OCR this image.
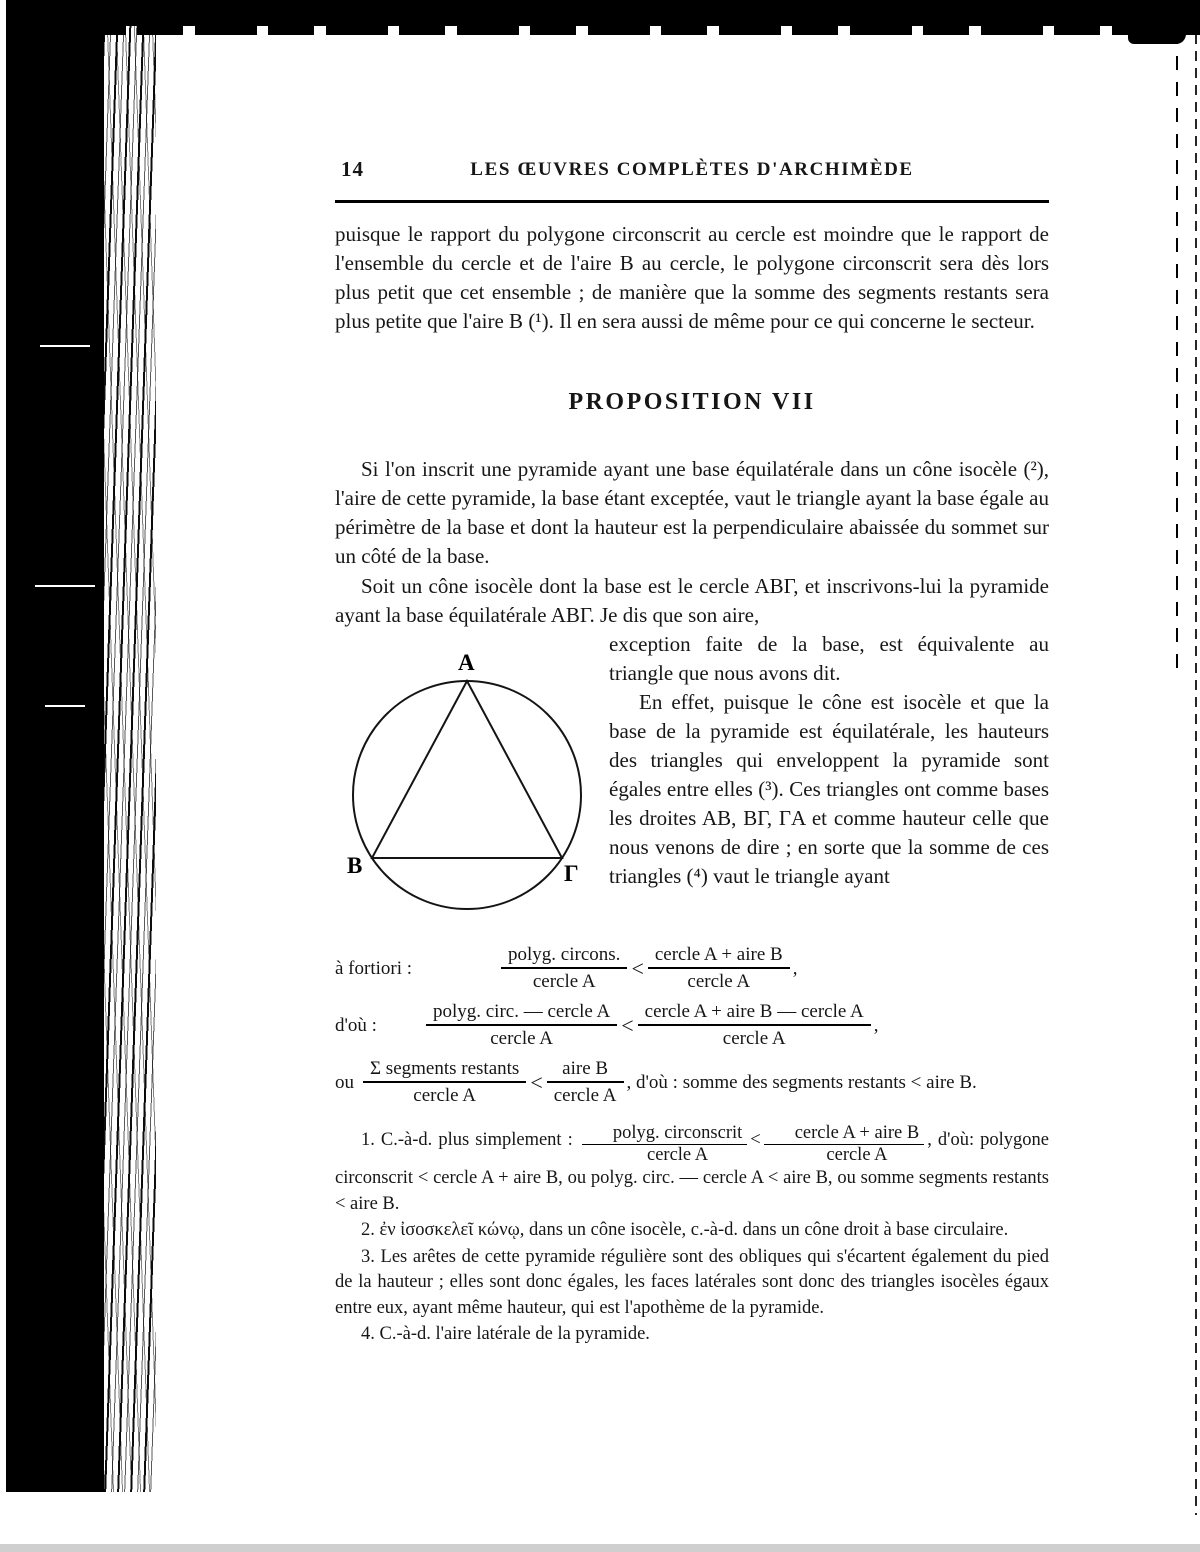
14	LES ŒUVRES COMPLÈTES D'ARCHIMÈDE

puisque le rapport du polygone circonscrit au cercle est moindre que le rapport de l'ensemble du cercle et de l'aire B au cercle, le polygone circonscrit sera dès lors plus petit que cet ensemble ; de manière que la somme des segments restants sera plus petite que l'aire B (¹). Il en sera aussi de même pour ce qui concerne le secteur.

PROPOSITION VII

Si l'on inscrit une pyramide ayant une base équilatérale dans un cône isocèle (²), l'aire de cette pyramide, la base étant exceptée, vaut le triangle ayant la base égale au périmètre de la base et dont la hauteur est la perpendiculaire abaissée du sommet sur un côté de la base.

Soit un cône isocèle dont la base est le cercle ABΓ, et inscrivons-lui la pyramide ayant la base équilatérale ABΓ. Je dis que son aire,

A
B	Γ

exception faite de la base, est équivalente au triangle que nous avons dit.

En effet, puisque le cône est isocèle et que la base de la pyramide est équilatérale, les hauteurs des triangles qui enveloppent la pyramide sont égales entre elles (³). Ces triangles ont comme bases les droites AB, BΓ, ΓA et comme hauteur celle que nous venons de dire ; en sorte que la somme de ces triangles (⁴) vaut le triangle ayant

à fortiori :	$\frac{\text{polyg. circons.}}{\text{cercle A}} < \frac{\text{cercle A + aire B}}{\text{cercle A}}$ ,
d'où :	$\frac{\text{polyg. circ. — cercle A}}{\text{cercle A}} < \frac{\text{cercle A + aire B — cercle A}}{\text{cercle A}}$ ,
ou $\frac{\text{Σ segments restants}}{\text{cercle A}} < \frac{\text{aire B}}{\text{cercle A}}$ , d'où : somme des segments restants < aire B.

1. C.-à-d. plus simplement : $\frac{\text{polyg. circonscrit}}{\text{cercle A}} < \frac{\text{cercle A + aire B}}{\text{cercle A}}$ , d'où: polygone circonscrit < cercle A + aire B, ou polyg. circ. — cercle A < aire B, ou somme segments restants < aire B.

2. ἐν ἰσοσκελεῖ κώνῳ, dans un cône isocèle, c.-à-d. dans un cône droit à base circulaire.

3. Les arêtes de cette pyramide régulière sont des obliques qui s'écartent également du pied de la hauteur ; elles sont donc égales, les faces latérales sont donc des triangles isocèles égaux entre eux, ayant même hauteur, qui est l'apothème de la pyramide.

4. C.-à-d. l'aire latérale de la pyramide.
